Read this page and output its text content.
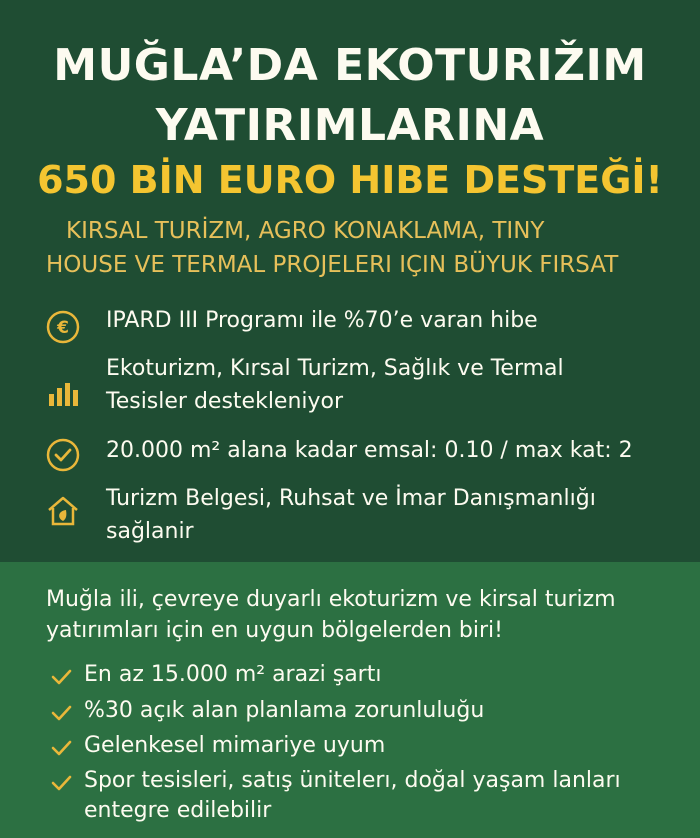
MUĞLA’DA EKOTURIŽIM
YATIRIMLARINA
650 BİN EURO HIBE DESTEĞİ!
KIRSAL TURİZM, AGRO KONAKLAMA, TINY
HOUSE VE TERMAL PROJELERI IÇIN BÜYUK FIRSAT
€ IPARD III Programı ile %70’e varan hibe
Ekoturizm, Kırsal Turizm, Sağlık ve Termal
Tesisler destekleniyor
20.000 m² alana kadar emsal: 0.10 / max kat: 2
Turizm Belgesi, Ruhsat ve İmar Danışmanlığı
sağlanir
Muğla ili, çevreye duyarlı ekoturizm ve kirsal turizm
yatırımları için en uygun bölgelerden biri!
En az 15.000 m² arazi şartı
%30 açık alan planlama zorunluluğu
Gelenkesel mimariye uyum
Spor tesisleri, satış ünitelerı, doğal yaşam lanları
entegre edilebilir
